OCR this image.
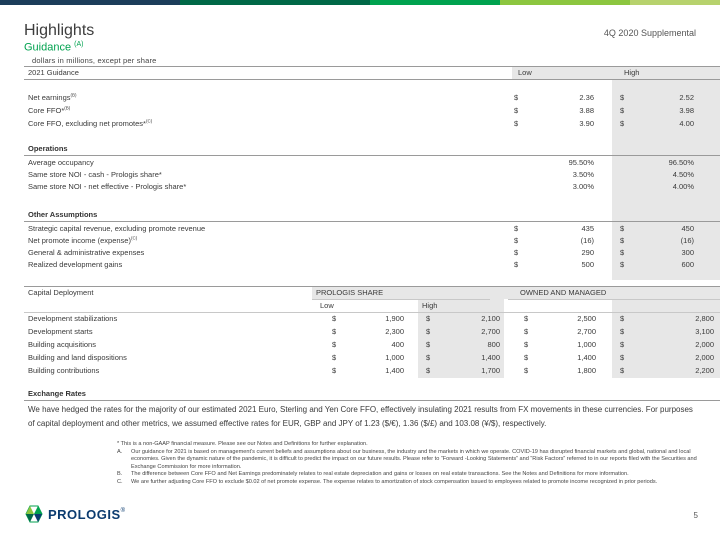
Highlights
Guidance $^{(A)}$
4Q 2020 Supplemental
dollars in millions, except per share
2021 Guidance	Low	High
Net earnings$^{(B)}$	$	2.36	$	2.52
Core FFO*$^{(B)}$	$	3.88	$	3.98
Core FFO, excluding net promotes*$^{(C)}$	$	3.90	$	4.00
Operations
Average occupancy	95.50%	96.50%
Same store NOI - cash - Prologis share*	3.50%	4.50%
Same store NOI - net effective - Prologis share*	3.00%	4.00%
Other Assumptions
Strategic capital revenue, excluding promote revenue	$	435	$	450
Net promote income (expense)$^{(C)}$	$	(16)	$	(16)
General & administrative expenses	$	290	$	300
Realized development gains	$	500	$	600
Capital Deployment	PROLOGIS SHARE	OWNED AND MANAGED
Low	High
Development stabilizations	$	1,900	$	2,100	$	2,500	$	2,800
Development starts	$	2,300	$	2,700	$	2,700	$	3,100
Building acquisitions	$	400	$	800	$	1,000	$	2,000
Building and land dispositions	$	1,000	$	1,400	$	1,400	$	2,000
Building contributions	$	1,400	$	1,700	$	1,800	$	2,200
Exchange Rates
We have hedged the rates for the majority of our estimated 2021 Euro, Sterling and Yen Core FFO, effectively insulating 2021 results from FX movements in these currencies. For purposes of capital deployment and other metrics, we assumed effective rates for EUR, GBP and JPY of 1.23 ($/€), 1.36 ($/£) and 103.08 (¥/$), respectively.
* This is a non-GAAP financial measure. Please see our Notes and Definitions for further explanation.
A. Our guidance for 2021 is based on management’s current beliefs and assumptions about our business, the industry and the markets in which we operate. COVID-19 has disrupted financial markets and global, national and local economies. Given the dynamic nature of the pandemic, it is difficult to predict the impact on our future results. Please refer to “Forward -Looking Statements” and “Risk Factors” referred to in our reports filed with the Securities and Exchange Commission for more information.
B. The difference between Core FFO and Net Earnings predominately relates to real estate depreciation and gains or losses on real estate transactions. See the Notes and Definitions for more information.
C. We are further adjusting Core FFO to exclude $0.02 of net promote expense. The expense relates to amortization of stock compensation issued to employees related to promote income recognized in prior periods.
PROLOGIS ®	5
